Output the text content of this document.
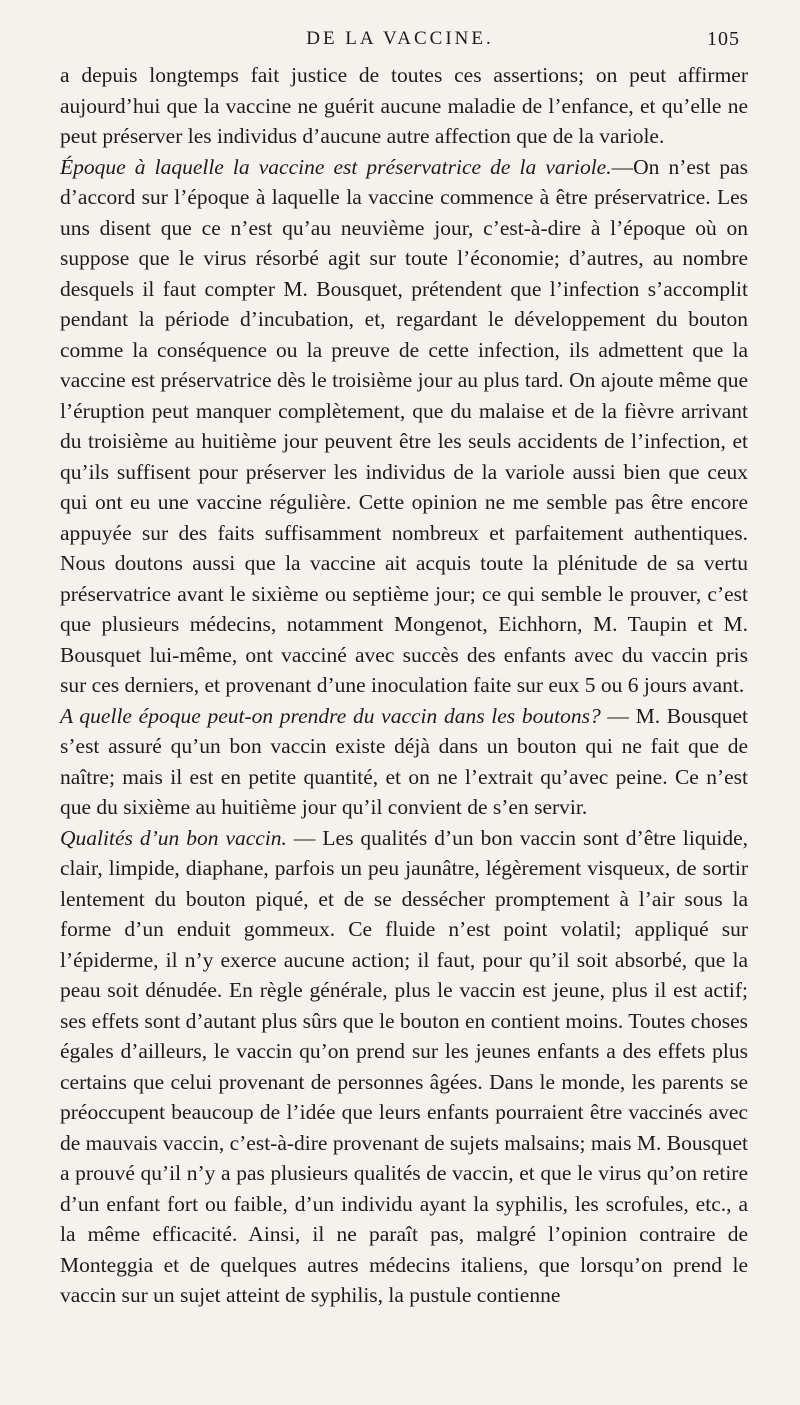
DE LA VACCINE.	105

a depuis longtemps fait justice de toutes ces assertions; on peut affirmer aujourd’hui que la vaccine ne guérit aucune maladie de l’enfance, et qu’elle ne peut préserver les individus d’aucune autre affection que de la variole.

Époque à laquelle la vaccine est préservatrice de la variole.—On n’est pas d’accord sur l’époque à laquelle la vaccine commence à être préservatrice. Les uns disent que ce n’est qu’au neuvième jour, c’est-à-dire à l’époque où on suppose que le virus résorbé agit sur toute l’économie; d’autres, au nombre desquels il faut compter M. Bousquet, prétendent que l’infection s’accomplit pendant la période d’incubation, et, regardant le développement du bouton comme la conséquence ou la preuve de cette infection, ils admettent que la vaccine est préservatrice dès le troisième jour au plus tard. On ajoute même que l’éruption peut manquer complètement, que du malaise et de la fièvre arrivant du troisième au huitième jour peuvent être les seuls accidents de l’infection, et qu’ils suffisent pour préserver les individus de la variole aussi bien que ceux qui ont eu une vaccine régulière. Cette opinion ne me semble pas être encore appuyée sur des faits suffisamment nombreux et parfaitement authentiques. Nous doutons aussi que la vaccine ait acquis toute la plénitude de sa vertu préservatrice avant le sixième ou septième jour; ce qui semble le prouver, c’est que plusieurs médecins, notamment Mongenot, Eichhorn, M. Taupin et M. Bousquet lui-même, ont vacciné avec succès des enfants avec du vaccin pris sur ces derniers, et provenant d’une inoculation faite sur eux 5 ou 6 jours avant.

A quelle époque peut-on prendre du vaccin dans les boutons? — M. Bousquet s’est assuré qu’un bon vaccin existe déjà dans un bouton qui ne fait que de naître; mais il est en petite quantité, et on ne l’extrait qu’avec peine. Ce n’est que du sixième au huitième jour qu’il convient de s’en servir.

Qualités d’un bon vaccin. — Les qualités d’un bon vaccin sont d’être liquide, clair, limpide, diaphane, parfois un peu jaunâtre, légèrement visqueux, de sortir lentement du bouton piqué, et de se dessécher promptement à l’air sous la forme d’un enduit gommeux. Ce fluide n’est point volatil; appliqué sur l’épiderme, il n’y exerce aucune action; il faut, pour qu’il soit absorbé, que la peau soit dénudée. En règle générale, plus le vaccin est jeune, plus il est actif; ses effets sont d’autant plus sûrs que le bouton en contient moins. Toutes choses égales d’ailleurs, le vaccin qu’on prend sur les jeunes enfants a des effets plus certains que celui provenant de personnes âgées. Dans le monde, les parents se préoccupent beaucoup de l’idée que leurs enfants pourraient être vaccinés avec de mauvais vaccin, c’est-à-dire provenant de sujets malsains; mais M. Bousquet a prouvé qu’il n’y a pas plusieurs qualités de vaccin, et que le virus qu’on retire d’un enfant fort ou faible, d’un individu ayant la syphilis, les scrofules, etc., a la même efficacité. Ainsi, il ne paraît pas, malgré l’opinion contraire de Monteggia et de quelques autres médecins italiens, que lorsqu’on prend le vaccin sur un sujet atteint de syphilis, la pustule contienne
